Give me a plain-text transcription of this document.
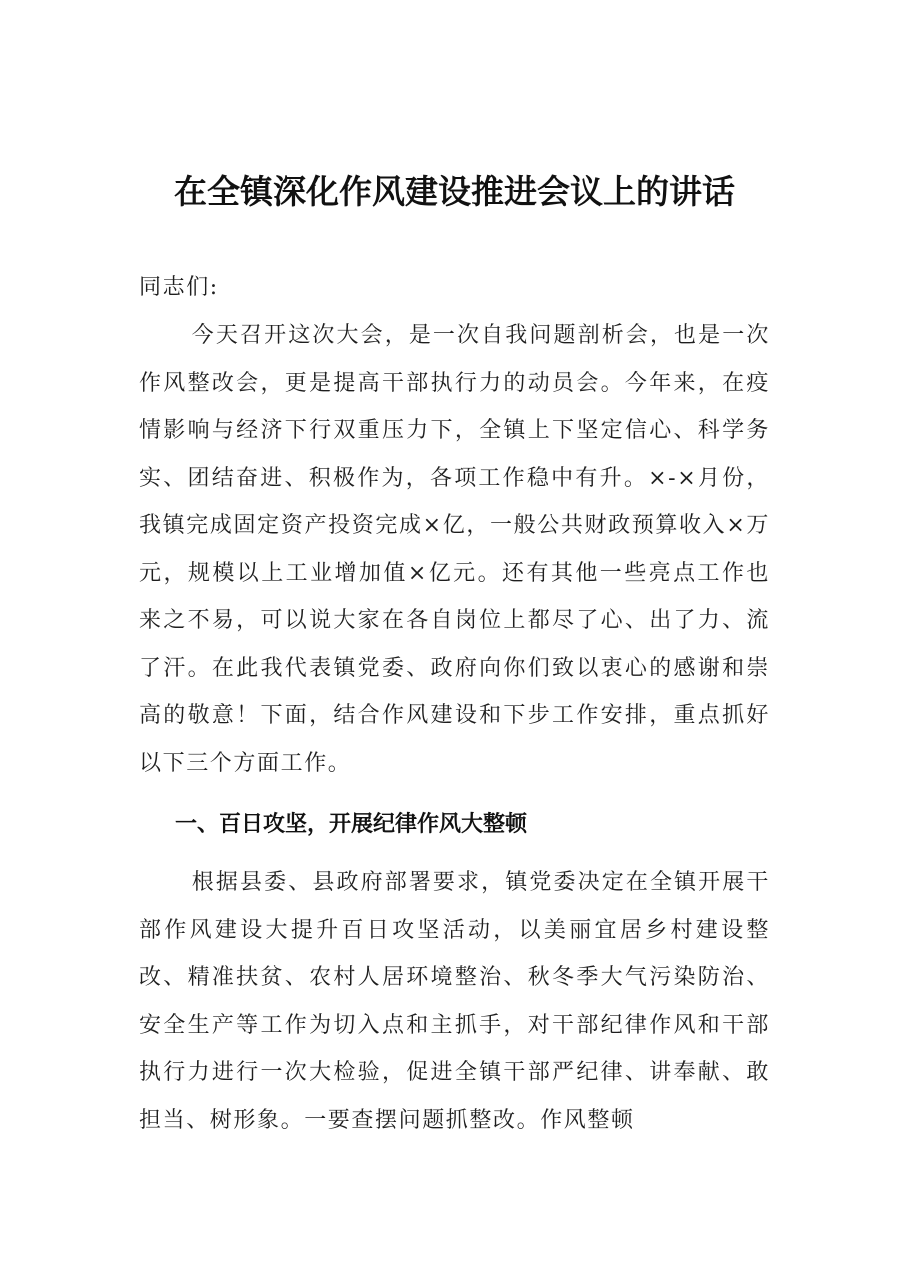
在全镇深化作风建设推进会议上的讲话

同志们:

今天召开这次大会，是一次自我问题剖析会，也是一次作风整改会，更是提高干部执行力的动员会。今年来，在疫情影响与经济下行双重压力下，全镇上下坚定信心、科学务实、团结奋进、积极作为，各项工作稳中有升。×-×月份，我镇完成固定资产投资完成×亿，一般公共财政预算收入×万元，规模以上工业增加值×亿元。还有其他一些亮点工作也来之不易，可以说大家在各自岗位上都尽了心、出了力、流了汗。在此我代表镇党委、政府向你们致以衷心的感谢和崇高的敬意！下面，结合作风建设和下步工作安排，重点抓好以下三个方面工作。

一、百日攻坚，开展纪律作风大整顿

根据县委、县政府部署要求，镇党委决定在全镇开展干部作风建设大提升百日攻坚活动，以美丽宜居乡村建设整改、精准扶贫、农村人居环境整治、秋冬季大气污染防治、安全生产等工作为切入点和主抓手，对干部纪律作风和干部执行力进行一次大检验，促进全镇干部严纪律、讲奉献、敢担当、树形象。一要查摆问题抓整改。作风整顿
